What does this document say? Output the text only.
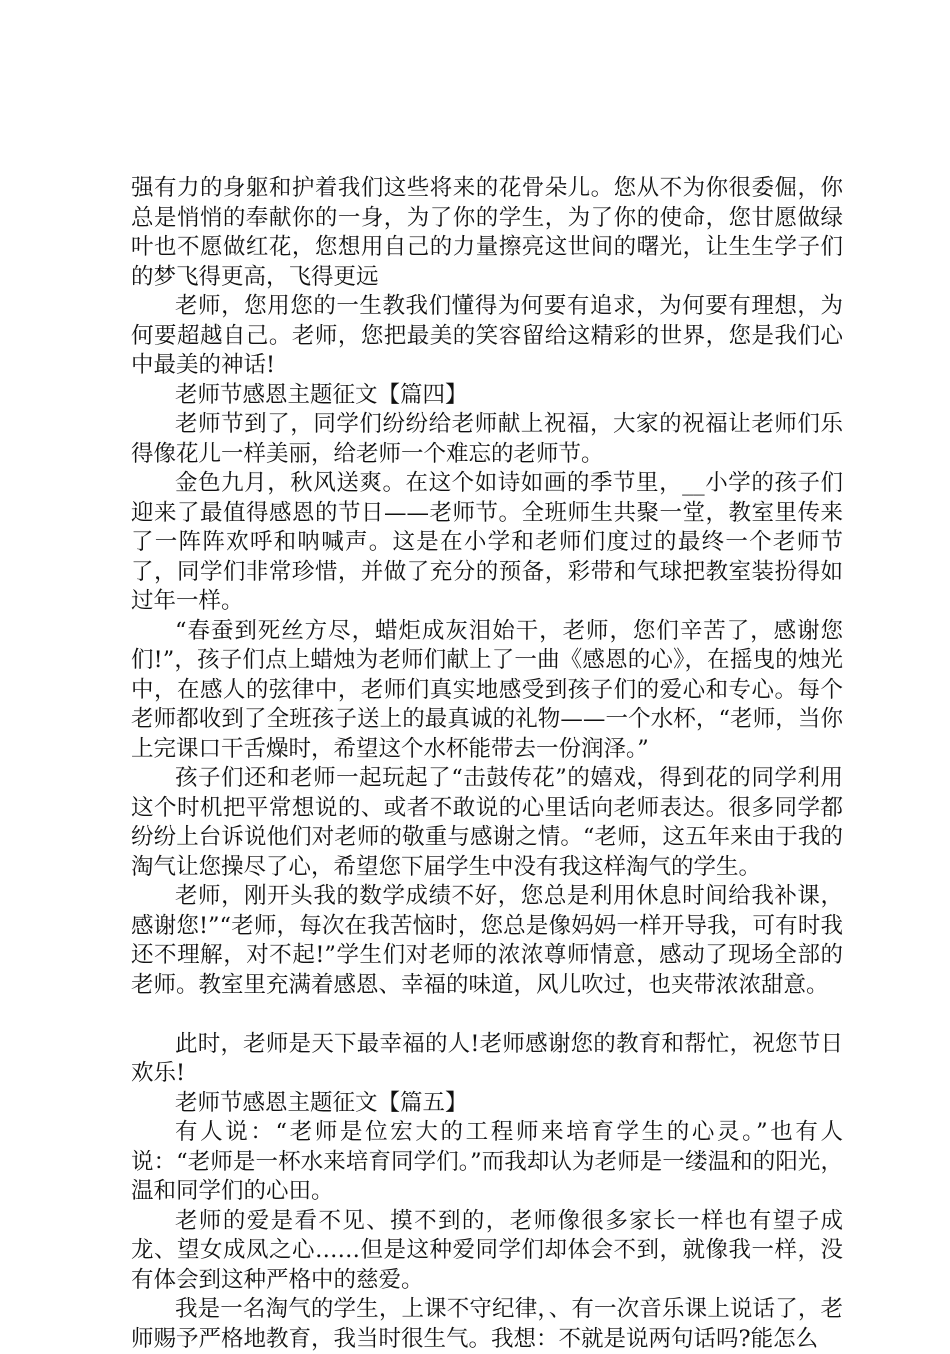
强有力的身躯和护着我们这些将来的花骨朵儿。您从不为你很委倔，你总是悄悄的奉献你的一身，为了你的学生，为了你的使命，您甘愿做绿叶也不愿做红花，您想用自己的力量擦亮这世间的曙光，让生生学子们的梦飞得更高，飞得更远

老师，您用您的一生教我们懂得为何要有追求，为何要有理想，为何要超越自己。老师，您把最美的笑容留给这精彩的世界，您是我们心中最美的神话!

老师节感恩主题征文【篇四】

老师节到了，同学们纷纷给老师献上祝福，大家的祝福让老师们乐得像花儿一样美丽，给老师一个难忘的老师节。

金色九月，秋风送爽。在这个如诗如画的季节里，__小学的孩子们迎来了最值得感恩的节日——老师节。全班师生共聚一堂，教室里传来了一阵阵欢呼和呐喊声。这是在小学和老师们度过的最终一个老师节了，同学们非常珍惜，并做了充分的预备，彩带和气球把教室装扮得如过年一样。

“春蚕到死丝方尽，蜡炬成灰泪始干，老师，您们辛苦了，感谢您们!”，孩子们点上蜡烛为老师们献上了一曲《感恩的心》，在摇曳的烛光中，在感人的弦律中，老师们真实地感受到孩子们的爱心和专心。每个老师都收到了全班孩子送上的最真诚的礼物——一个水杯，“老师，当你上完课口干舌燥时，希望这个水杯能带去一份润泽。”

孩子们还和老师一起玩起了“击鼓传花”的嬉戏，得到花的同学利用这个时机把平常想说的、或者不敢说的心里话向老师表达。很多同学都纷纷上台诉说他们对老师的敬重与感谢之情。“老师，这五年来由于我的淘气让您操尽了心，希望您下届学生中没有我这样淘气的学生。

老师，刚开头我的数学成绩不好，您总是利用休息时间给我补课，感谢您!”“老师，每次在我苦恼时，您总是像妈妈一样开导我，可有时我还不理解，对不起!”学生们对老师的浓浓尊师情意，感动了现场全部的老师。教室里充满着感恩、幸福的味道，风儿吹过，也夹带浓浓甜意。

此时，老师是天下最幸福的人!老师感谢您的教育和帮忙，祝您节日欢乐!

老师节感恩主题征文【篇五】

有人说：“老师是位宏大的工程师来培育学生的心灵。”也有人说：“老师是一杯水来培育同学们。”而我却认为老师是一缕温和的阳光，温和同学们的心田。

老师的爱是看不见、摸不到的，老师像很多家长一样也有望子成龙、望女成凤之心……但是这种爱同学们却体会不到，就像我一样，没有体会到这种严格中的慈爱。

我是一名淘气的学生，上课不守纪律，、有一次音乐课上说话了，老师赐予严格地教育，我当时很生气。我想：不就是说两句话吗?能怎么
